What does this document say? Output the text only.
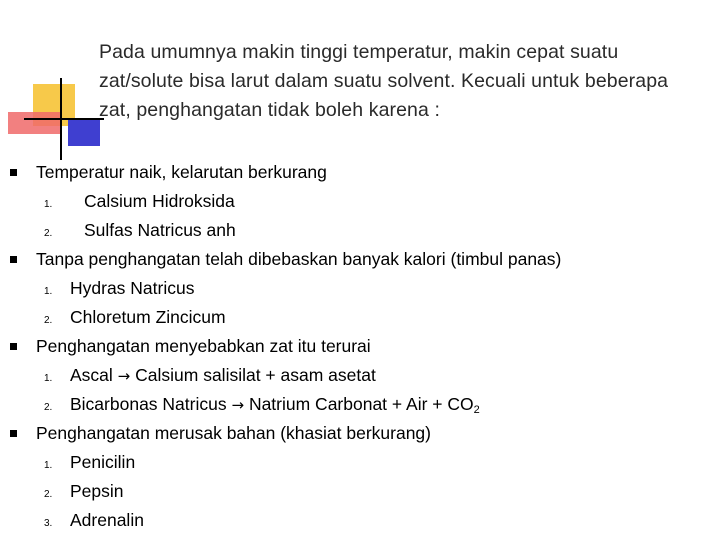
Pada umumnya makin tinggi temperatur, makin cepat suatu zat/solute bisa larut dalam suatu solvent. Kecuali untuk beberapa zat, penghangatan tidak boleh karena :
Temperatur naik, kelarutan berkurang
1. Calsium Hidroksida
2. Sulfas Natricus anh
Tanpa penghangatan telah dibebaskan banyak kalori (timbul panas)
1. Hydras Natricus
2. Chloretum Zincicum
Penghangatan menyebabkan zat itu terurai
1. Ascal → Calsium salisilat + asam asetat
2. Bicarbonas Natricus → Natrium Carbonat + Air + $CO_2$
Penghangatan merusak bahan (khasiat berkurang)
1. Penicilin
2. Pepsin
3. Adrenalin
